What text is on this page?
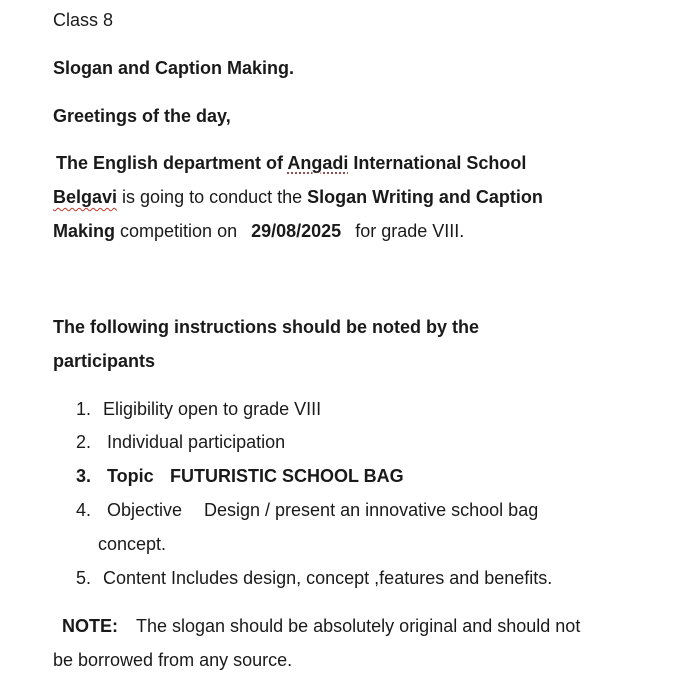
Class 8
Slogan and Caption Making.
Greetings of the day,
The English department of Angadi International School
Belgavi is going to conduct the Slogan Writing and Caption
Making competition on 29/08/2025 for grade VIII.
The following instructions should be noted by the
participants
1. Eligibility open to grade VIII
2. Individual participation
3. Topic FUTURISTIC SCHOOL BAG
4. Objective Design / present an innovative school bag
concept.
5. Content Includes design, concept ,features and benefits.
NOTE: The slogan should be absolutely original and should not
be borrowed from any source.
